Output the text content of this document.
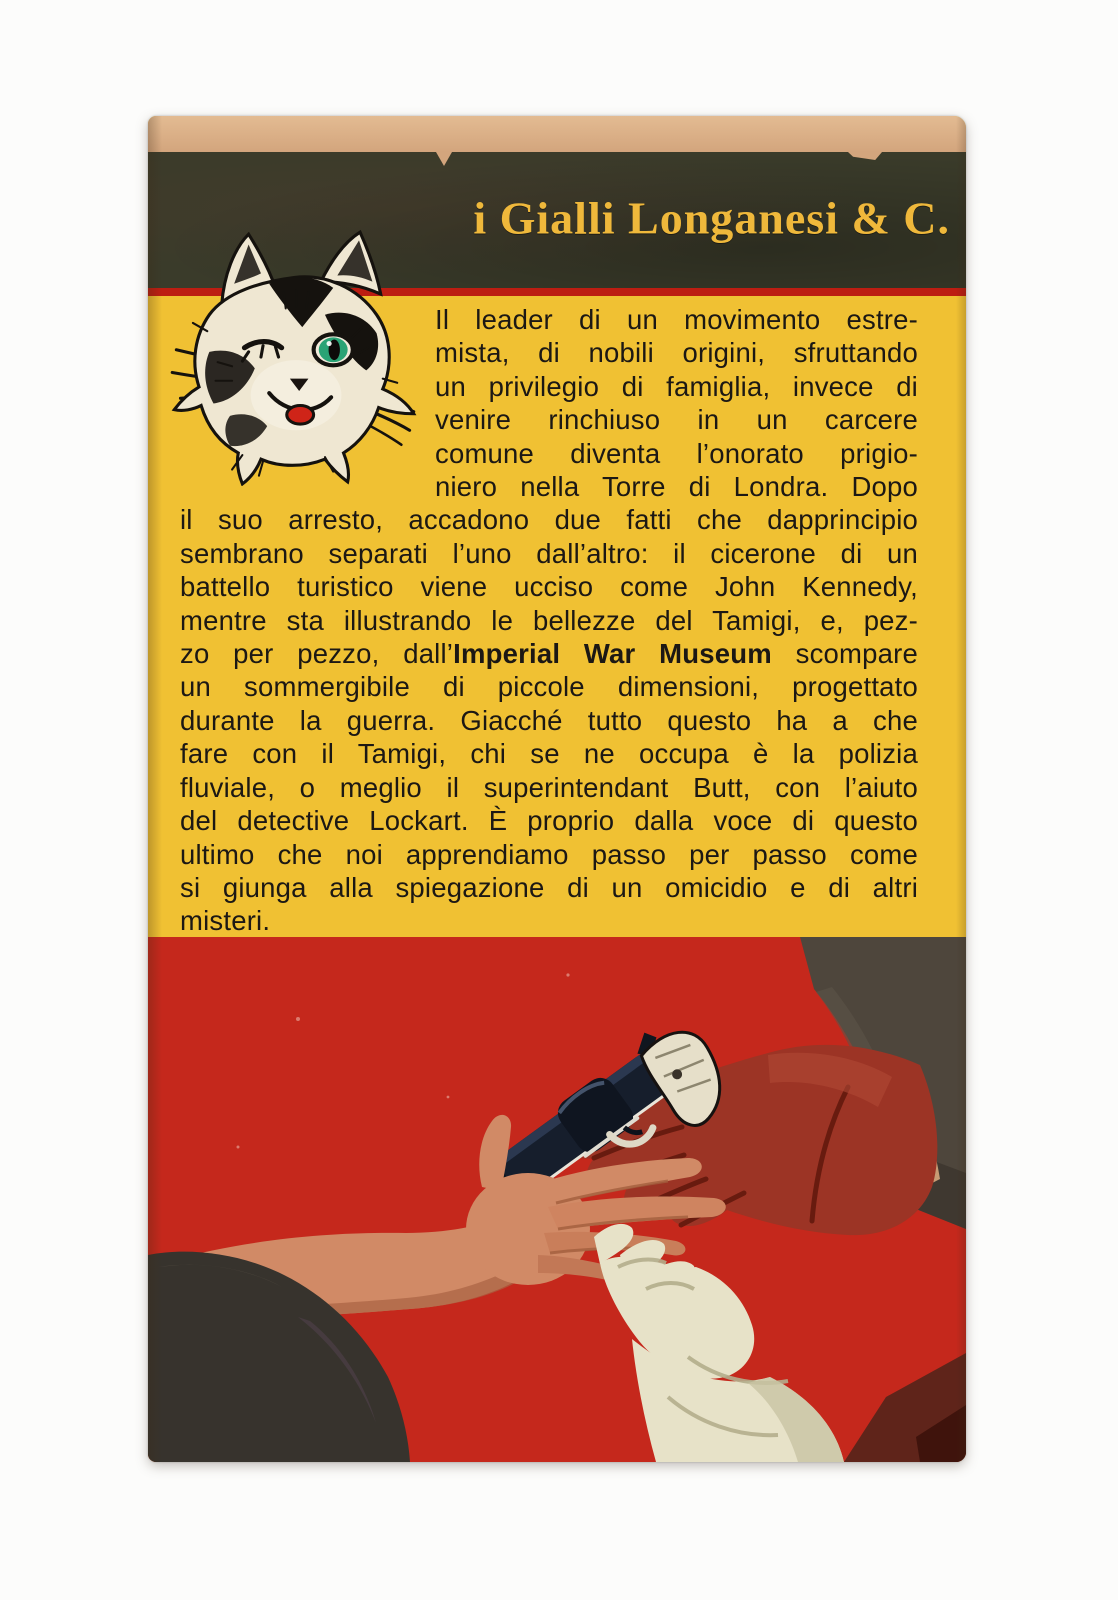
i Gialli Longanesi & C.
Il leader di un movimento estre-
mista, di nobili origini, sfruttando
un privilegio di famiglia, invece di
venire rinchiuso in un carcere
comune diventa l’onorato prigio-
niero nella Torre di Londra. Dopo
il suo arresto, accadono due fatti che dapprincipio
sembrano separati l’uno dall’altro: il cicerone di un
battello turistico viene ucciso come John Kennedy,
mentre sta illustrando le bellezze del Tamigi, e, pez-
zo per pezzo, dall’Imperial War Museum scompare
un sommergibile di piccole dimensioni, progettato
durante la guerra. Giacché tutto questo ha a che
fare con il Tamigi, chi se ne occupa è la polizia
fluviale, o meglio il superintendant Butt, con l’aiuto
del detective Lockart. È proprio dalla voce di questo
ultimo che noi apprendiamo passo per passo come
si giunga alla spiegazione di un omicidio e di altri
misteri.
